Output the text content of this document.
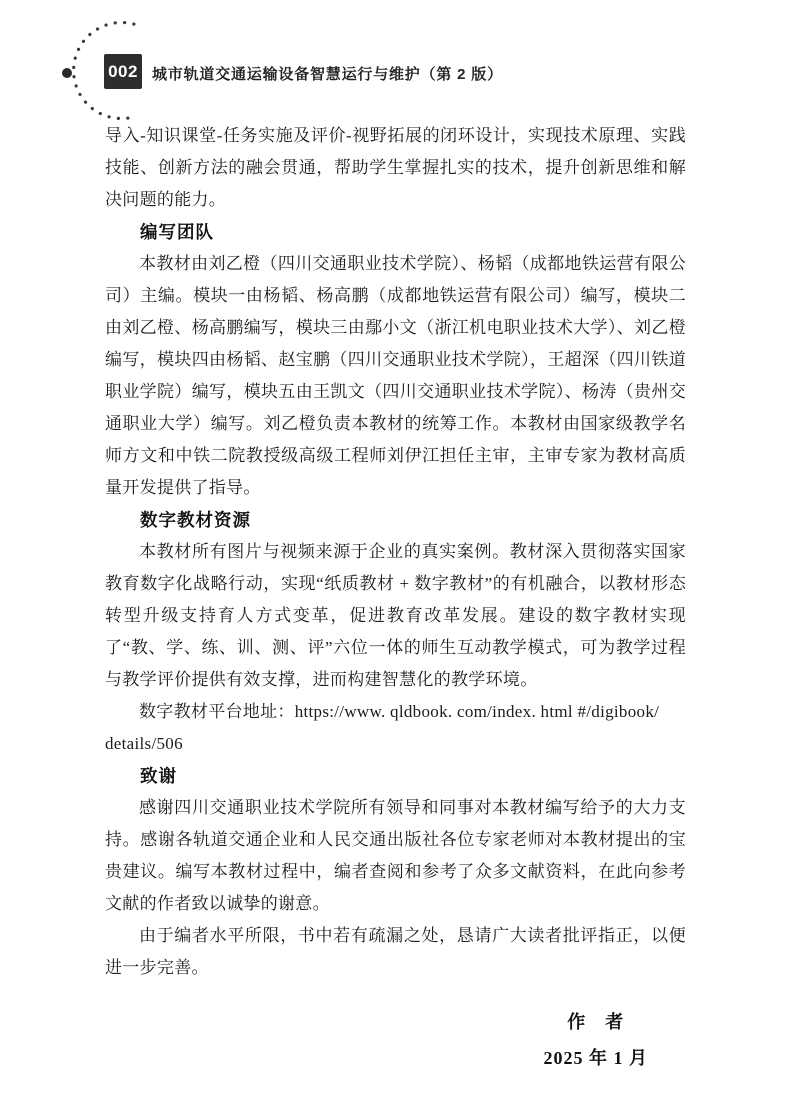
002 城市轨道交通运输设备智慧运行与维护（第 2 版）

导入-知识课堂-任务实施及评价-视野拓展的闭环设计，实现技术原理、实践技能、创新方法的融会贯通，帮助学生掌握扎实的技术，提升创新思维和解决问题的能力。

编写团队

本教材由刘乙橙（四川交通职业技术学院）、杨韬（成都地铁运营有限公司）主编。模块一由杨韬、杨高鹏（成都地铁运营有限公司）编写，模块二由刘乙橙、杨高鹏编写，模块三由鄢小文（浙江机电职业技术大学）、刘乙橙编写，模块四由杨韬、赵宝鹏（四川交通职业技术学院），王超深（四川铁道职业学院）编写，模块五由王凯文（四川交通职业技术学院）、杨涛（贵州交通职业大学）编写。刘乙橙负责本教材的统筹工作。本教材由国家级教学名师方文和中铁二院教授级高级工程师刘伊江担任主审，主审专家为教材高质量开发提供了指导。

数字教材资源

本教材所有图片与视频来源于企业的真实案例。教材深入贯彻落实国家教育数字化战略行动，实现“纸质教材 + 数字教材”的有机融合，以教材形态转型升级支持育人方式变革，促进教育改革发展。建设的数字教材实现了“教、学、练、训、测、评”六位一体的师生互动教学模式，可为教学过程与教学评价提供有效支撑，进而构建智慧化的教学环境。

数字教材平台地址：https://www. qldbook. com/index. html #/digibook/
details/506

致谢

感谢四川交通职业技术学院所有领导和同事对本教材编写给予的大力支持。感谢各轨道交通企业和人民交通出版社各位专家老师对本教材提出的宝贵建议。编写本教材过程中，编者查阅和参考了众多文献资料，在此向参考文献的作者致以诚挚的谢意。

由于编者水平所限，书中若有疏漏之处，恳请广大读者批评指正，以便进一步完善。

作　者
2025 年 1 月
